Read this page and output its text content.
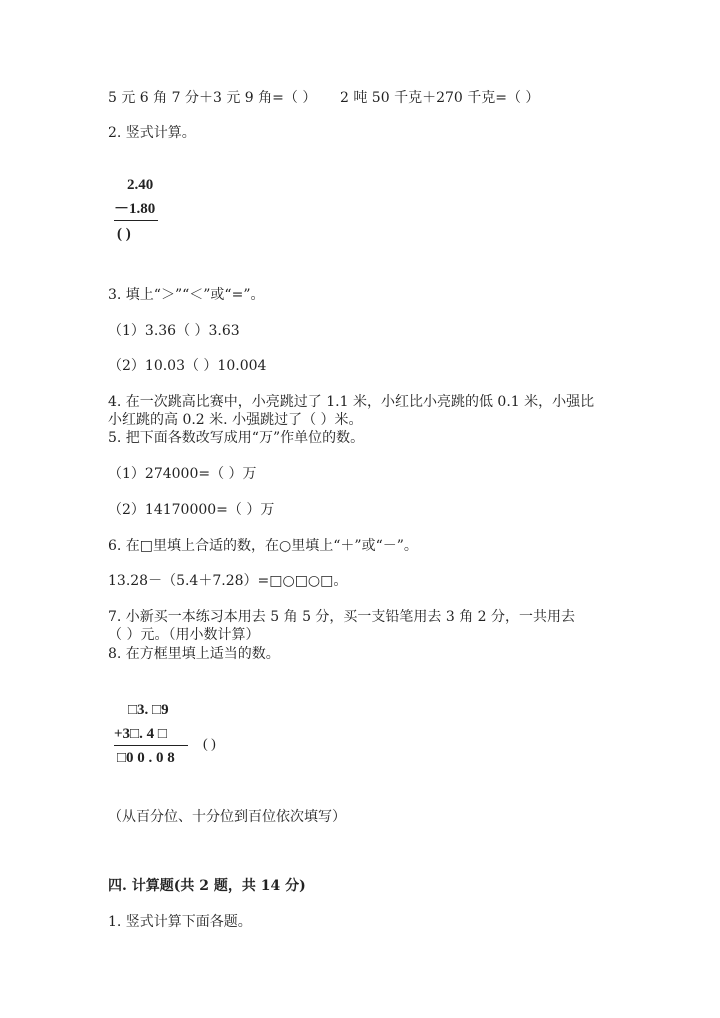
5 元 6 角 7 分＋3 元 9 角=（ ） 2 吨 50 千克＋270 千克=（ ）
2. 竖式计算。
2.40
－1.80
( )
3. 填上“＞”“＜”或“=”。
（1）3.36（ ）3.63
（2）10.03（ ）10.004
4. 在一次跳高比赛中，小亮跳过了 1.1 米，小红比小亮跳的低 0.1 米，小强比
小红跳的高 0.2 米. 小强跳过了（ ）米。
5. 把下面各数改写成用“万”作单位的数。
（1）274000=（ ）万
（2）14170000=（ ）万
6. 在□里填上合适的数，在○里填上“＋”或“－”。
13.28－（5.4＋7.28）=□○□○□。
7. 小新买一本练习本用去 5 角 5 分，买一支铅笔用去 3 角 2 分，一共用去
（ ）元。（用小数计算）
8. 在方框里填上适当的数。
□3. □9
+3□. 4 □
□0 0 . 0 8
( )
（从百分位、十分位到百位依次填写）
四. 计算题(共 2 题，共 14 分)
1. 竖式计算下面各题。
